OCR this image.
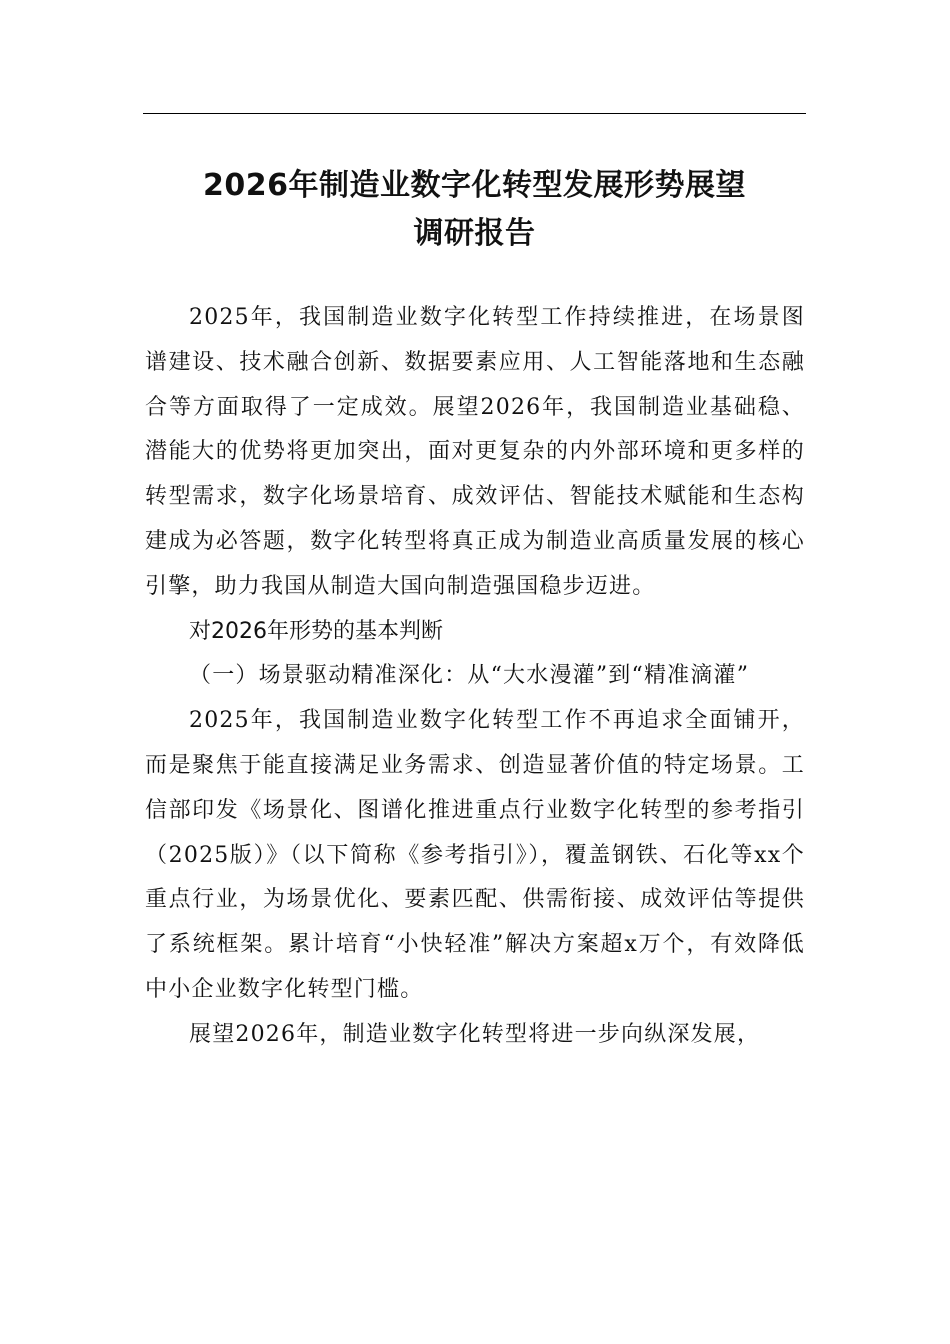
2026年制造业数字化转型发展形势展望
调研报告

2025年，我国制造业数字化转型工作持续推进，在场景图谱建设、技术融合创新、数据要素应用、人工智能落地和生态融合等方面取得了一定成效。展望2026年，我国制造业基础稳、潜能大的优势将更加突出，面对更复杂的内外部环境和更多样的转型需求，数字化场景培育、成效评估、智能技术赋能和生态构建成为必答题，数字化转型将真正成为制造业高质量发展的核心引擎，助力我国从制造大国向制造强国稳步迈进。

对2026年形势的基本判断

（一）场景驱动精准深化：从“大水漫灌”到“精准滴灌”

2025年，我国制造业数字化转型工作不再追求全面铺开，而是聚焦于能直接满足业务需求、创造显著价值的特定场景。工信部印发《场景化、图谱化推进重点行业数字化转型的参考指引（2025版）》（以下简称《参考指引》），覆盖钢铁、石化等xx个重点行业，为场景优化、要素匹配、供需衔接、成效评估等提供了系统框架。累计培育“小快轻准”解决方案超x万个，有效降低中小企业数字化转型门槛。

展望2026年，制造业数字化转型将进一步向纵深发展，
